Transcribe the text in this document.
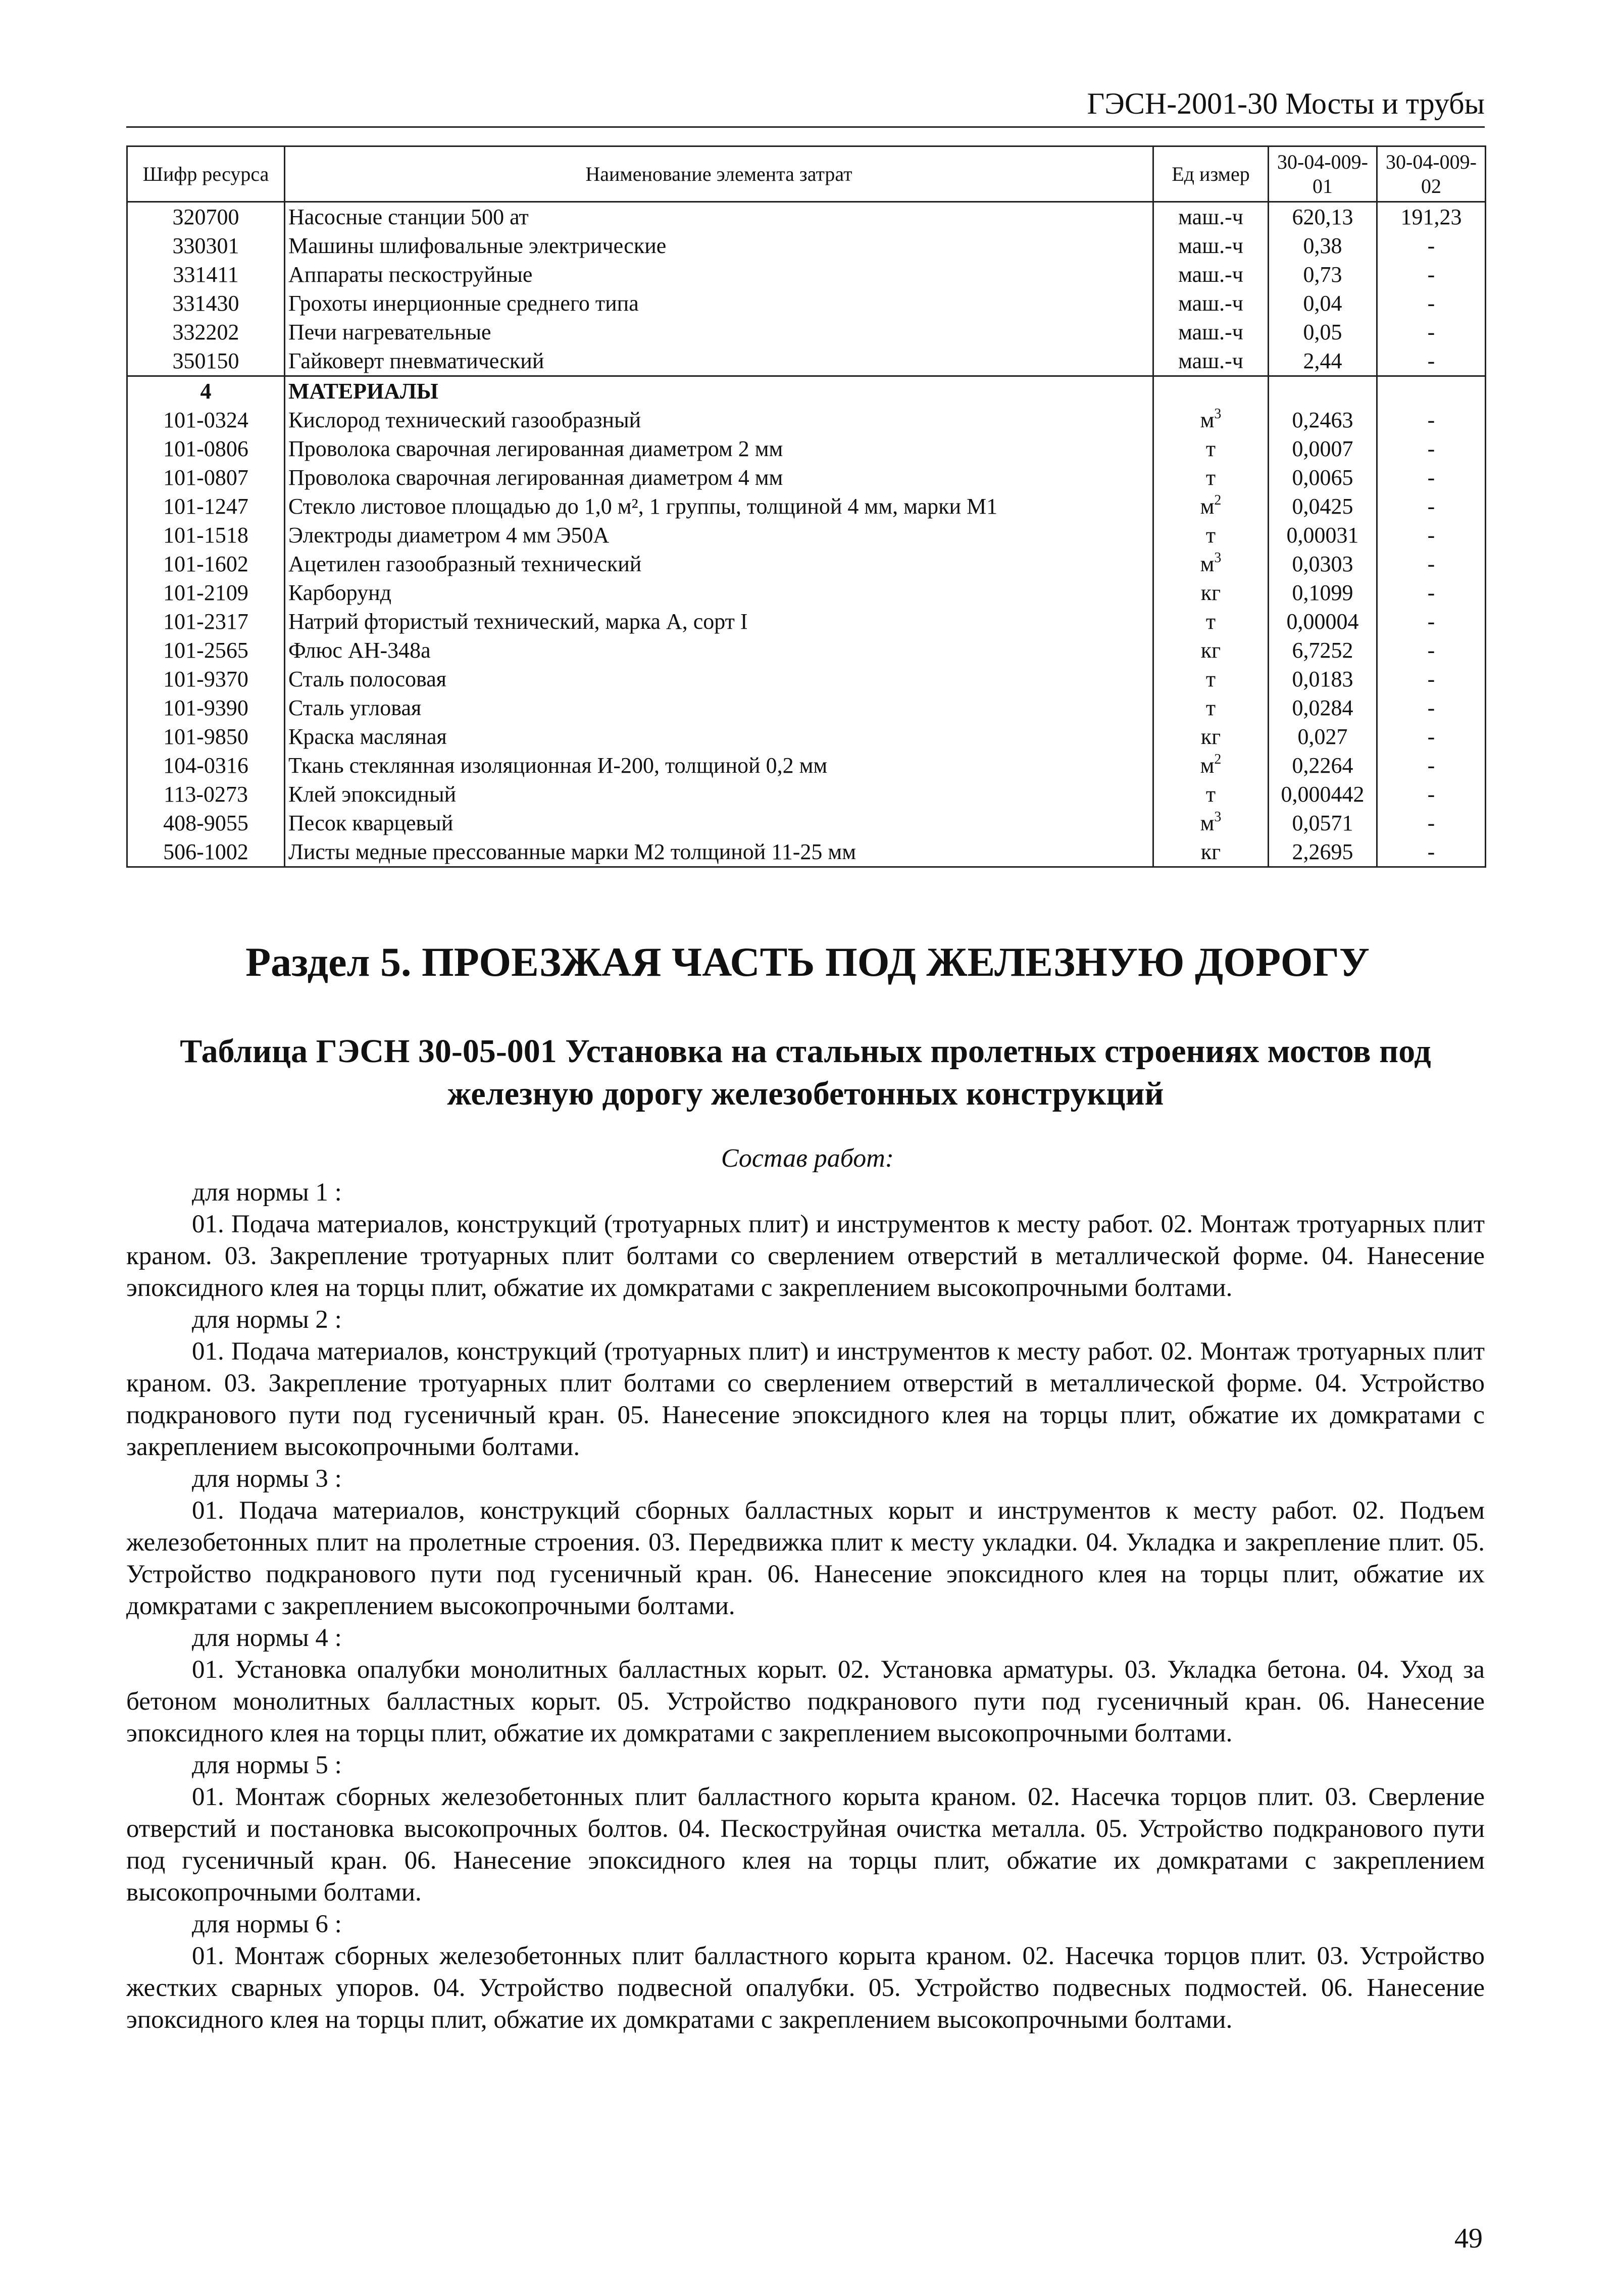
ГЭСН-2001-30 Мосты и трубы
Шифр ресурса	Наименование элемента затрат	Ед измер	30-04-009-01	30-04-009-02
320700	Насосные станции 500 ат	маш.-ч	620,13	191,23
330301	Машины шлифовальные электрические	маш.-ч	0,38	-
331411	Аппараты пескоструйные	маш.-ч	0,73	-
331430	Грохоты инерционные среднего типа	маш.-ч	0,04	-
332202	Печи нагревательные	маш.-ч	0,05	-
350150	Гайковерт пневматический	маш.-ч	2,44	-
4	МАТЕРИАЛЫ			
101-0324	Кислород технический газообразный	$м^3$	0,2463	-
101-0806	Проволока сварочная легированная диаметром 2 мм	т	0,0007	-
101-0807	Проволока сварочная легированная диаметром 4 мм	т	0,0065	-
101-1247	Стекло листовое площадью до 1,0 м², 1 группы, толщиной 4 мм, марки М1	$м^2$	0,0425	-
101-1518	Электроды диаметром 4 мм Э50А	т	0,00031	-
101-1602	Ацетилен газообразный технический	$м^3$	0,0303	-
101-2109	Карборунд	кг	0,1099	-
101-2317	Натрий фтористый технический, марка А, сорт I	т	0,00004	-
101-2565	Флюс АН-348а	кг	6,7252	-
101-9370	Сталь полосовая	т	0,0183	-
101-9390	Сталь угловая	т	0,0284	-
101-9850	Краска масляная	кг	0,027	-
104-0316	Ткань стеклянная изоляционная И-200, толщиной 0,2 мм	$м^2$	0,2264	-
113-0273	Клей эпоксидный	т	0,000442	-
408-9055	Песок кварцевый	$м^3$	0,0571	-
506-1002	Листы медные прессованные марки М2 толщиной 11-25 мм	кг	2,2695	-
Раздел 5. ПРОЕЗЖАЯ ЧАСТЬ ПОД ЖЕЛЕЗНУЮ ДОРОГУ
Таблица ГЭСН 30-05-001 Установка на стальных пролетных строениях мостов под железную дорогу железобетонных конструкций
Состав работ:
для нормы 1 :
01. Подача материалов, конструкций (тротуарных плит) и инструментов к месту работ. 02. Монтаж тротуарных плит краном. 03. Закрепление тротуарных плит болтами со сверлением отверстий в металлической форме. 04. Нанесение эпоксидного клея на торцы плит, обжатие их домкратами с закреплением высокопрочными болтами.
для нормы 2 :
01. Подача материалов, конструкций (тротуарных плит) и инструментов к месту работ. 02. Монтаж тротуарных плит краном. 03. Закрепление тротуарных плит болтами со сверлением отверстий в металлической форме. 04. Устройство подкранового пути под гусеничный кран. 05. Нанесение эпоксидного клея на торцы плит, обжатие их домкратами с закреплением высокопрочными болтами.
для нормы 3 :
01. Подача материалов, конструкций сборных балластных корыт и инструментов к месту работ. 02. Подъем железобетонных плит на пролетные строения. 03. Передвижка плит к месту укладки. 04. Укладка и закрепление плит. 05. Устройство подкранового пути под гусеничный кран. 06. Нанесение эпоксидного клея на торцы плит, обжатие их домкратами с закреплением высокопрочными болтами.
для нормы 4 :
01. Установка опалубки монолитных балластных корыт. 02. Установка арматуры. 03. Укладка бетона. 04. Уход за бетоном монолитных балластных корыт. 05. Устройство подкранового пути под гусеничный кран. 06. Нанесение эпоксидного клея на торцы плит, обжатие их домкратами с закреплением высокопрочными болтами.
для нормы 5 :
01. Монтаж сборных железобетонных плит балластного корыта краном. 02. Насечка торцов плит. 03. Сверление отверстий и постановка высокопрочных болтов. 04. Пескоструйная очистка металла. 05. Устройство подкранового пути под гусеничный кран. 06. Нанесение эпоксидного клея на торцы плит, обжатие их домкратами с закреплением высокопрочными болтами.
для нормы 6 :
01. Монтаж сборных железобетонных плит балластного корыта краном. 02. Насечка торцов плит. 03. Устройство жестких сварных упоров. 04. Устройство подвесной опалубки. 05. Устройство подвесных подмостей. 06. Нанесение эпоксидного клея на торцы плит, обжатие их домкратами с закреплением высокопрочными болтами.
49
